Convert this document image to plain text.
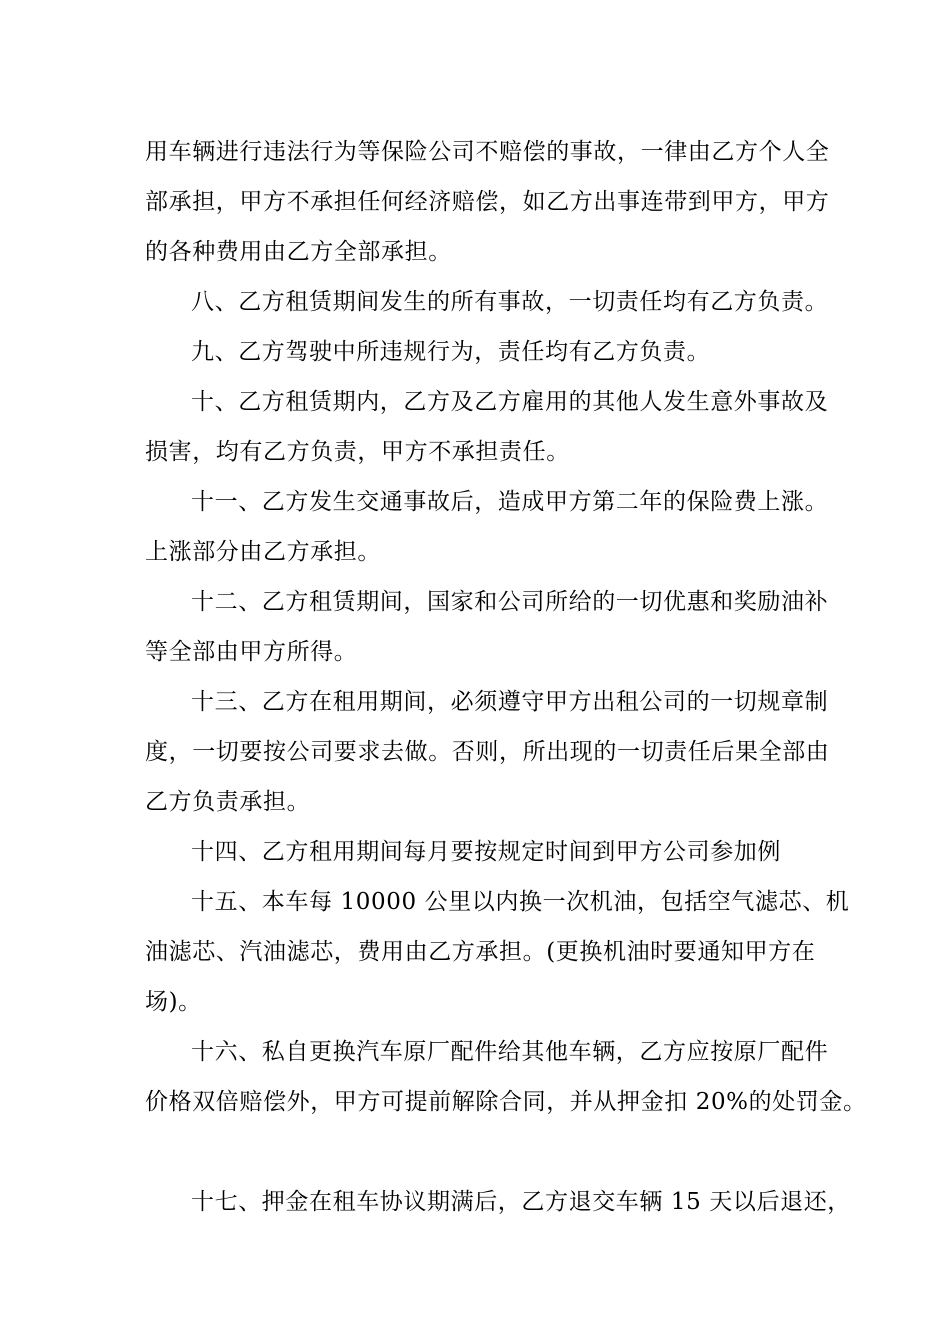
用车辆进行违法行为等保险公司不赔偿的事故，一律由乙方个人全
部承担，甲方不承担任何经济赔偿，如乙方出事连带到甲方，甲方
的各种费用由乙方全部承担。
八、乙方租赁期间发生的所有事故，一切责任均有乙方负责。
九、乙方驾驶中所违规行为，责任均有乙方负责。
十、乙方租赁期内，乙方及乙方雇用的其他人发生意外事故及
损害，均有乙方负责，甲方不承担责任。
十一、乙方发生交通事故后，造成甲方第二年的保险费上涨。
上涨部分由乙方承担。
十二、乙方租赁期间，国家和公司所给的一切优惠和奖励油补
等全部由甲方所得。
十三、乙方在租用期间，必须遵守甲方出租公司的一切规章制
度，一切要按公司要求去做。否则，所出现的一切责任后果全部由
乙方负责承担。
十四、乙方租用期间每月要按规定时间到甲方公司参加例
十五、本车每 10000 公里以内换一次机油，包括空气滤芯、机
油滤芯、汽油滤芯，费用由乙方承担。(更换机油时要通知甲方在
场)。
十六、私自更换汽车原厂配件给其他车辆，乙方应按原厂配件
价格双倍赔偿外，甲方可提前解除合同，并从押金扣 20%的处罚金。
十七、押金在租车协议期满后，乙方退交车辆 15 天以后退还，
